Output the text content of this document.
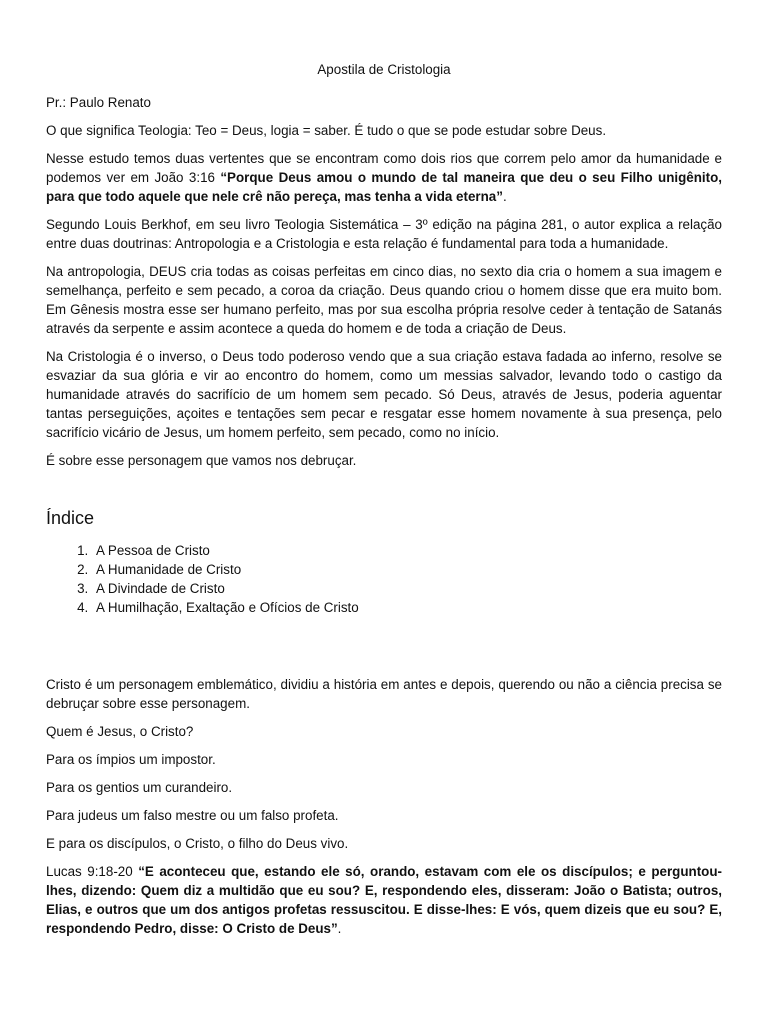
Apostila de Cristologia

Pr.: Paulo Renato

O que significa Teologia: Teo = Deus, logia = saber. É tudo o que se pode estudar sobre Deus.

Nesse estudo temos duas vertentes que se encontram como dois rios que correm pelo amor da humanidade e podemos ver em João 3:16 “Porque Deus amou o mundo de tal maneira que deu o seu Filho unigênito, para que todo aquele que nele crê não pereça, mas tenha a vida eterna”.

Segundo Louis Berkhof, em seu livro Teologia Sistemática – 3º edição na página 281, o autor explica a relação entre duas doutrinas: Antropologia e a Cristologia e esta relação é fundamental para toda a humanidade.

Na antropologia, DEUS cria todas as coisas perfeitas em cinco dias, no sexto dia cria o homem a sua imagem e semelhança, perfeito e sem pecado, a coroa da criação. Deus quando criou o homem disse que era muito bom. Em Gênesis mostra esse ser humano perfeito, mas por sua escolha própria resolve ceder à tentação de Satanás através da serpente e assim acontece a queda do homem e de toda a criação de Deus.

Na Cristologia é o inverso, o Deus todo poderoso vendo que a sua criação estava fadada ao inferno, resolve se esvaziar da sua glória e vir ao encontro do homem, como um messias salvador, levando todo o castigo da humanidade através do sacrifício de um homem sem pecado. Só Deus, através de Jesus, poderia aguentar tantas perseguições, açoites e tentações sem pecar e resgatar esse homem novamente à sua presença, pelo sacrifício vicário de Jesus, um homem perfeito, sem pecado, como no início.

É sobre esse personagem que vamos nos debruçar.

Índice
1. A Pessoa de Cristo
2. A Humanidade de Cristo
3. A Divindade de Cristo
4. A Humilhação, Exaltação e Ofícios de Cristo

Cristo é um personagem emblemático, dividiu a história em antes e depois, querendo ou não a ciência precisa se debruçar sobre esse personagem.

Quem é Jesus, o Cristo?

Para os ímpios um impostor.

Para os gentios um curandeiro.

Para judeus um falso mestre ou um falso profeta.

E para os discípulos, o Cristo, o filho do Deus vivo.

Lucas 9:18-20 “E aconteceu que, estando ele só, orando, estavam com ele os discípulos; e perguntou-lhes, dizendo: Quem diz a multidão que eu sou? E, respondendo eles, disseram: João o Batista; outros, Elias, e outros que um dos antigos profetas ressuscitou. E disse-lhes: E vós, quem dizeis que eu sou? E, respondendo Pedro, disse: O Cristo de Deus”.
